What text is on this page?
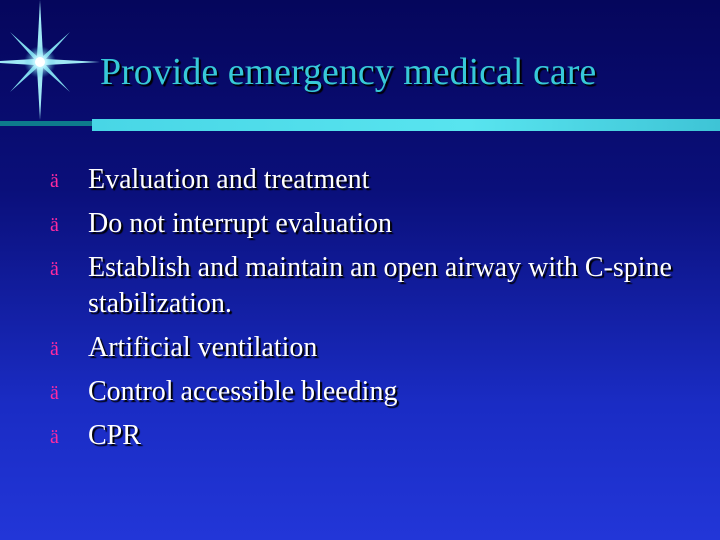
Provide emergency medical care
ä Evaluation and treatment
ä Do not interrupt evaluation
ä Establish and maintain an open airway with C-spine stabilization.
ä Artificial ventilation
ä Control accessible bleeding
ä CPR
